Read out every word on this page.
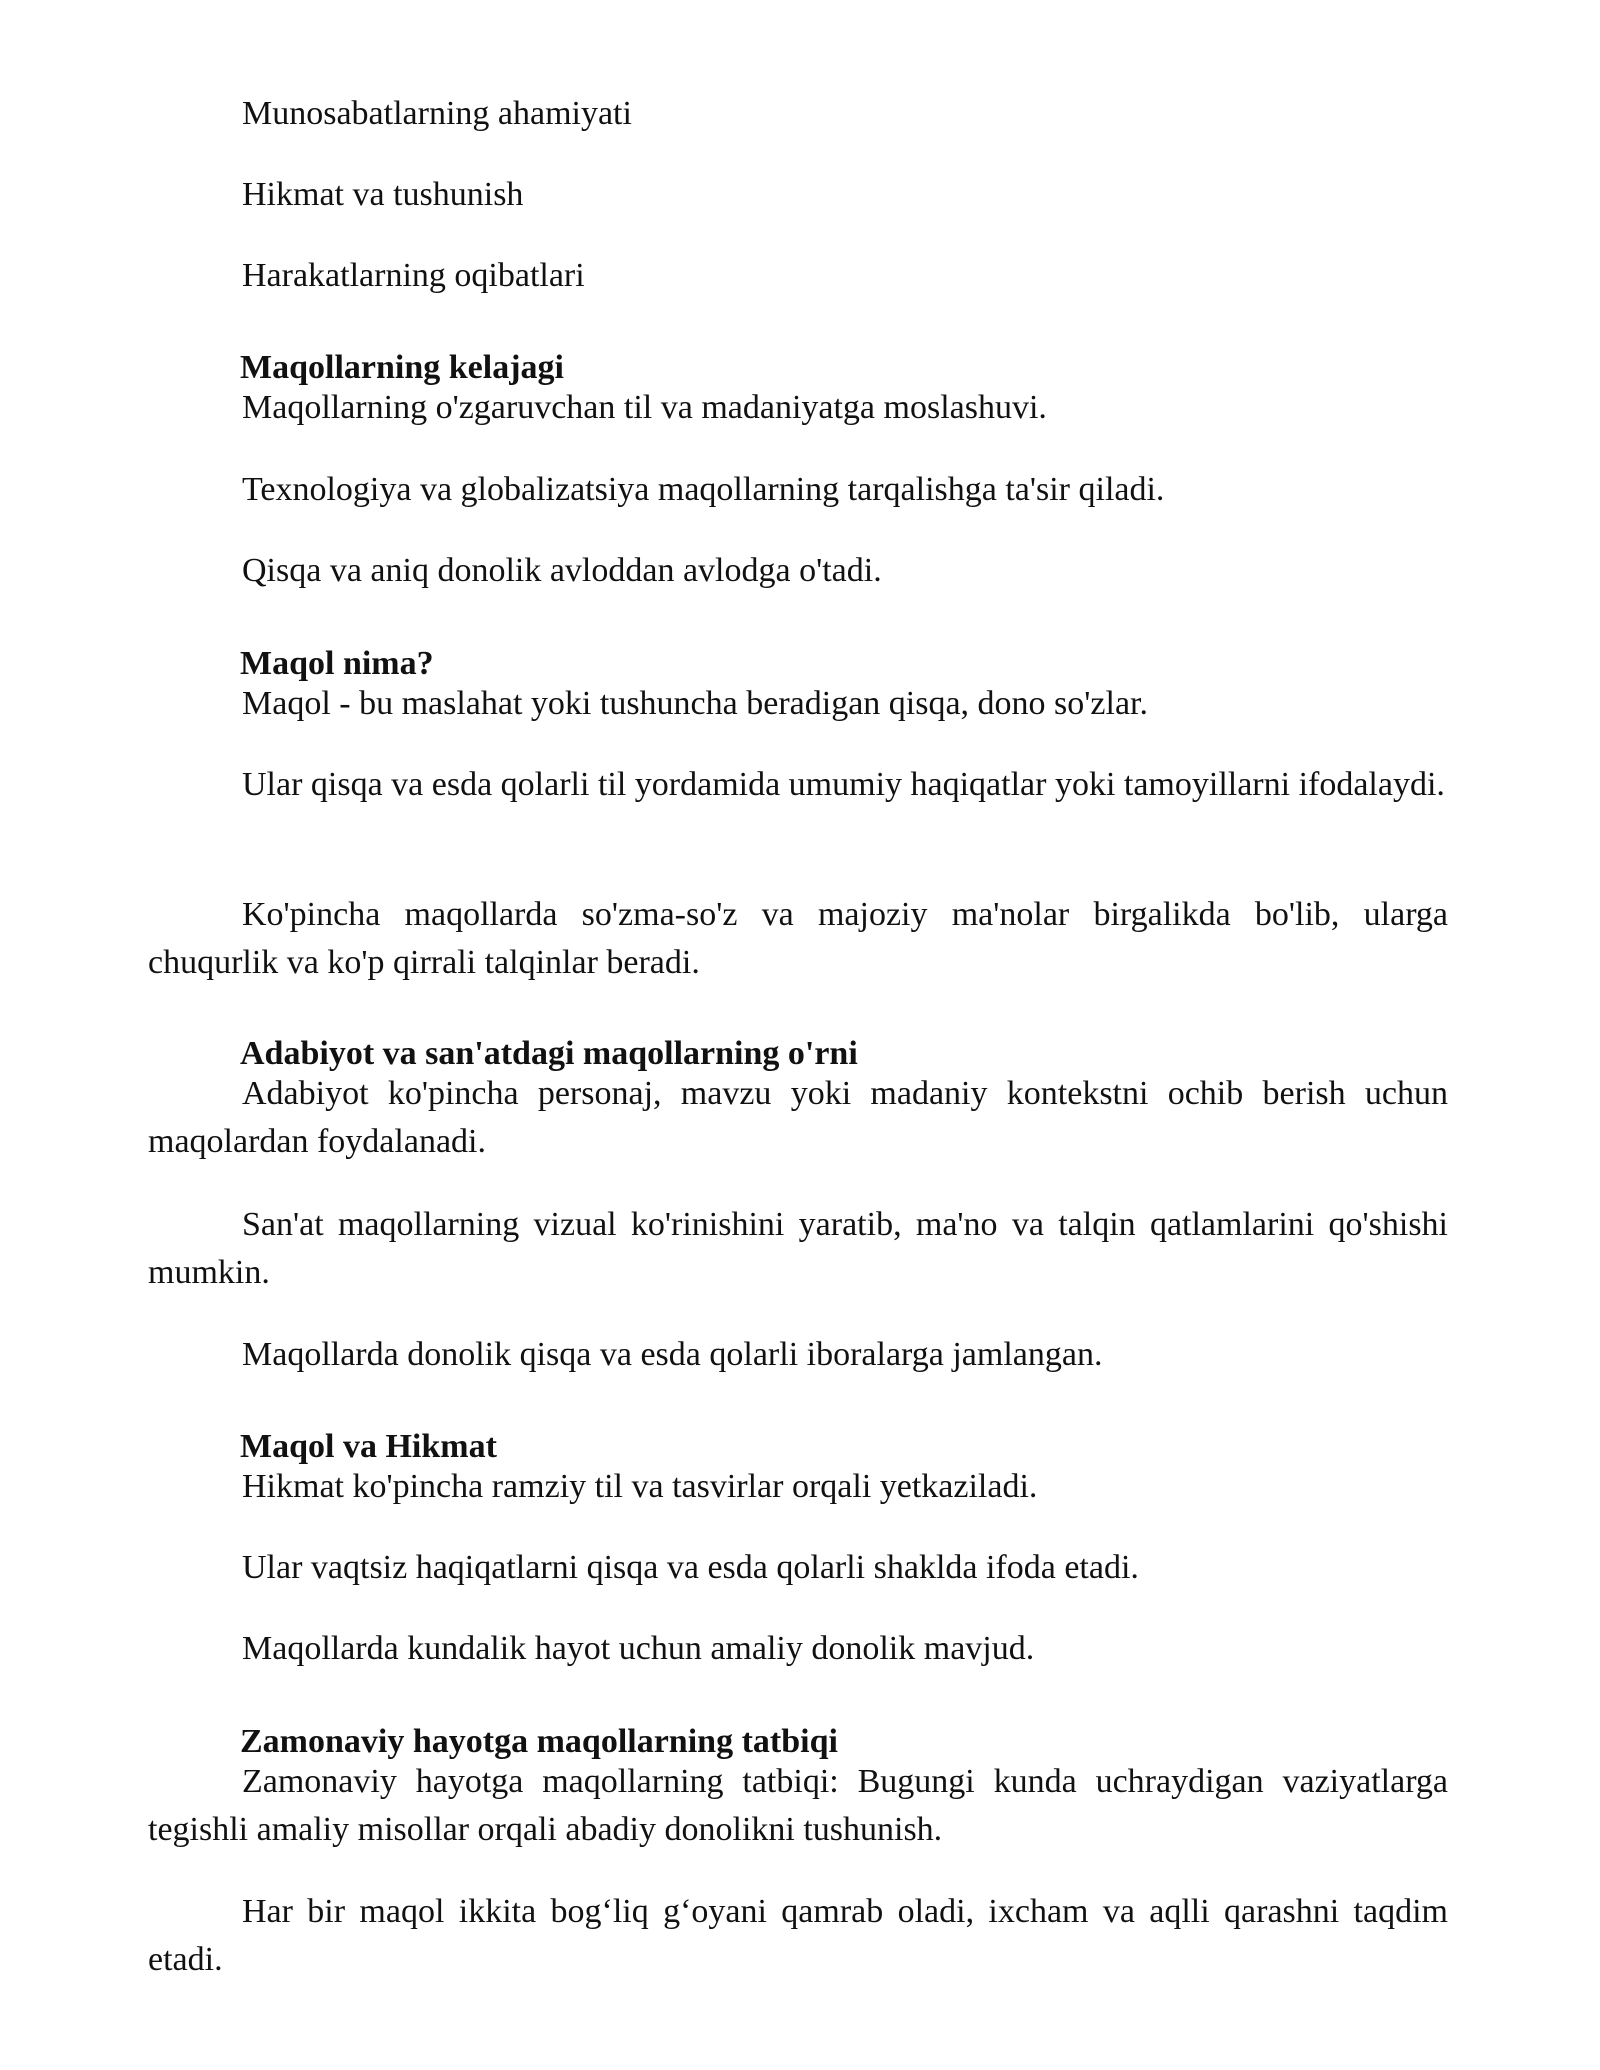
Munosabatlarning ahamiyati

Hikmat va tushunish

Harakatlarning oqibatlari

Maqollarning kelajagi

Maqollarning o'zgaruvchan til va madaniyatga moslashuvi.

Texnologiya va globalizatsiya maqollarning tarqalishga ta'sir qiladi.

Qisqa va aniq donolik avloddan avlodga o'tadi.

Maqol nima?

Maqol - bu maslahat yoki tushuncha beradigan qisqa, dono so'zlar.

Ular qisqa va esda qolarli til yordamida umumiy haqiqatlar yoki tamoyillarni ifodalaydi.

Ko'pincha maqollarda so'zma-so'z va majoziy ma'nolar birgalikda bo'lib, ularga chuqurlik va ko'p qirrali talqinlar beradi.

Adabiyot va san'atdagi maqollarning o'rni

Adabiyot ko'pincha personaj, mavzu yoki madaniy kontekstni ochib berish uchun maqolardan foydalanadi.

San'at maqollarning vizual ko'rinishini yaratib, ma'no va talqin qatlamlarini qo'shishi mumkin.

Maqollarda donolik qisqa va esda qolarli iboralarga jamlangan.

Maqol va Hikmat

Hikmat ko'pincha ramziy til va tasvirlar orqali yetkaziladi.

Ular vaqtsiz haqiqatlarni qisqa va esda qolarli shaklda ifoda etadi.

Maqollarda kundalik hayot uchun amaliy donolik mavjud.

Zamonaviy hayotga maqollarning tatbiqi

Zamonaviy hayotga maqollarning tatbiqi: Bugungi kunda uchraydigan vaziyatlarga tegishli amaliy misollar orqali abadiy donolikni tushunish.

Har bir maqol ikkita bog‘liq g‘oyani qamrab oladi, ixcham va aqlli qarashni taqdim etadi.
